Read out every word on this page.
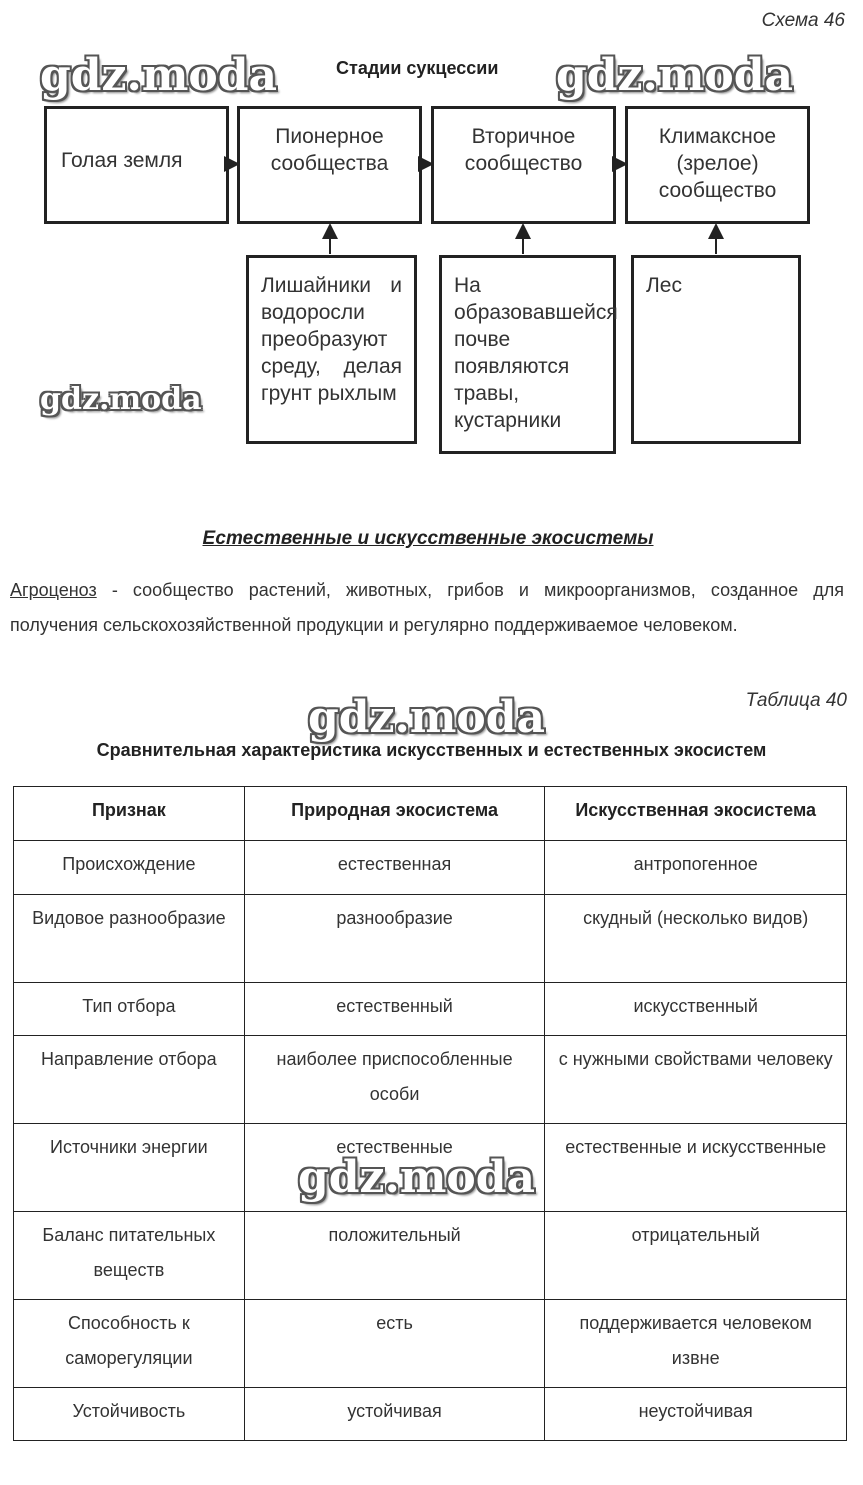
Схема 46
Стадии сукцессии
gdz.moda	gdz.moda
gdz.moda
Голая земля
Пионерное сообщества
Вторичное сообщество
Климаксное (зрелое) сообщество
Лишайники и водоросли преобразуют среду, делая грунт рыхлым
На образовавшейся почве появляются травы, кустарники
Лес
Естественные и искусственные экосистемы
Агроценоз - сообщество растений, животных, грибов и микроорганизмов, созданное для получения сельскохозяйственной продукции и регулярно поддерживаемое человеком.
Таблица 40
gdz.moda
Сравнительная характеристика искусственных и естественных экосистем
Признак	Природная экосистема	Искусственная экосистема
Происхождение	естественная	антропогенное
Видовое разнообразие	разнообразие	скудный (несколько видов)
Тип отбора	естественный	искусственный
Направление отбора	наиболее приспособленные особи	с нужными свойствами человеку
Источники энергии	естественные	естественные и искусственные
Баланс питательных веществ	положительный	отрицательный
Способность к саморегуляции	есть	поддерживается человеком извне
Устойчивость	устойчивая	неустойчивая
gdz.moda
